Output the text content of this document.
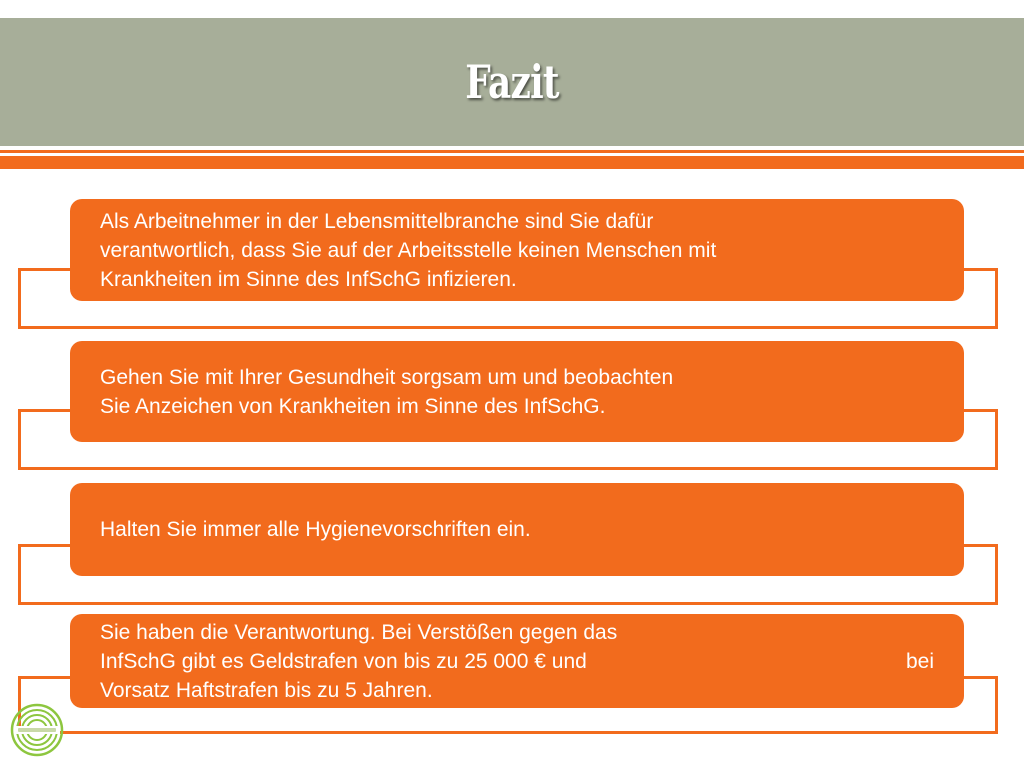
Fazit
Als Arbeitnehmer in der Lebensmittelbranche sind Sie dafür
verantwortlich, dass Sie auf der Arbeitsstelle keinen Menschen mit
Krankheiten im Sinne des InfSchG infizieren.
Gehen Sie mit Ihrer Gesundheit sorgsam um und beobachten
Sie Anzeichen von Krankheiten im Sinne des InfSchG.
Halten Sie immer alle Hygienevorschriften ein.
Sie haben die Verantwortung. Bei Verstößen gegen das
InfSchG gibt es Geldstrafen von bis zu 25 000 € und	bei
Vorsatz Haftstrafen bis zu 5 Jahren.
